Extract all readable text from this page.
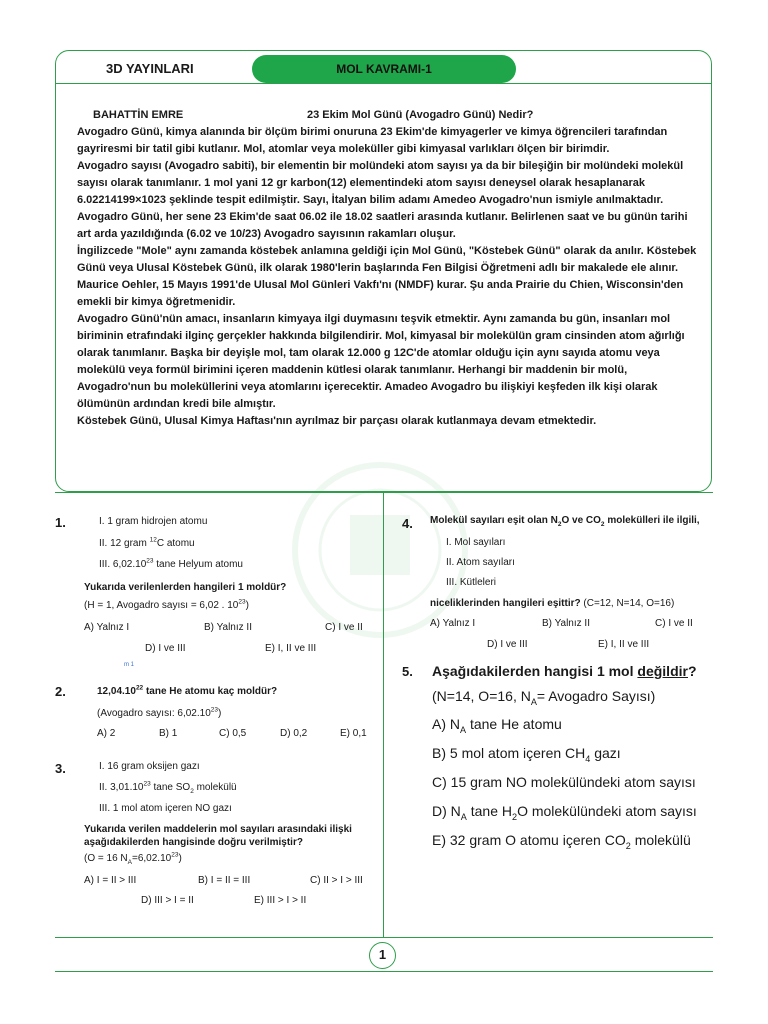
3D YAYINLARI	MOL KAVRAMI-1
BAHATTİN EMRE	23 Ekim Mol Günü (Avogadro Günü) Nedir?

Avogadro Günü, kimya alanında bir ölçüm birimi onuruna 23 Ekim'de kimyagerler ve kimya öğrencileri tarafından gayriresmi bir tatil gibi kutlanır. Mol, atomlar veya moleküller gibi kimyasal varlıkları ölçen bir birimdir.

Avogadro sayısı (Avogadro sabiti), bir elementin bir molündeki atom sayısı ya da bir bileşiğin bir molündeki molekül sayısı olarak tanımlanır. 1 mol yani 12 gr karbon(12) elementindeki atom sayısı deneysel olarak hesaplanarak 6.02214199×1023 şeklinde tespit edilmiştir. Sayı, İtalyan bilim adamı Amedeo Avogadro'nun ismiyle anılmaktadır.

Avogadro Günü, her sene 23 Ekim'de saat 06.02 ile 18.02 saatleri arasında kutlanır. Belirlenen saat ve bu günün tarihi art arda yazıldığında (6.02 ve 10/23) Avogadro sayısının rakamları oluşur.

İngilizcede "Mole" aynı zamanda köstebek anlamına geldiği için Mol Günü, "Köstebek Günü" olarak da anılır. Köstebek Günü veya Ulusal Köstebek Günü, ilk olarak 1980'lerin başlarında Fen Bilgisi Öğretmeni adlı bir makalede ele alınır. Maurice Oehler, 15 Mayıs 1991'de Ulusal Mol Günleri Vakfı'nı (NMDF) kurar. Şu anda Prairie du Chien, Wisconsin'den emekli bir kimya öğretmenidir.

Avogadro Günü'nün amacı, insanların kimyaya ilgi duymasını teşvik etmektir. Aynı zamanda bu gün, insanları mol biriminin etrafındaki ilginç gerçekler hakkında bilgilendirir. Mol, kimyasal bir molekülün gram cinsinden atom ağırlığı olarak tanımlanır. Başka bir deyişle mol, tam olarak 12.000 g 12C'de atomlar olduğu için aynı sayıda atomu veya molekülü veya formül birimini içeren maddenin kütlesi olarak tanımlanır. Herhangi bir maddenin bir molü, Avogadro'nun bu moleküllerini veya atomlarını içerecektir. Amadeo Avogadro bu ilişkiyi keşfeden ilk kişi olarak ölümünün ardından kredi bile almıştır.

Köstebek Günü, Ulusal Kimya Haftası'nın ayrılmaz bir parçası olarak kutlanmaya devam etmektedir.

1
1.	I. 1 gram hidrojen atomu
II. 12 gram $^{12}$C atomu
III. 6,02.10$^{23}$ tane Helyum atomu
Yukarıda verilenlerden hangileri 1 moldür?
(H = 1, Avogadro sayısı = 6,02 . $10^{23}$)
A) Yalnız I	B) Yalnız II	C) I ve II
D) I ve III	E) I, II ve III
m 1
2.	12,04.10$^{22}$ tane He atomu kaç moldür?
(Avogadro sayısı: 6,02.10$^{23}$)
A) 2	B) 1	C) 0,5	D) 0,2	E) 0,1
3.	I. 16 gram oksijen gazı
II. 3,01.10$^{23}$ tane $SO_2$ molekülü
III. 1 mol atom içeren NO gazı
Yukarıda verilen maddelerin mol sayıları arasındaki ilişki aşağıdakilerden hangisinde doğru verilmiştir?
(O = 16 $N_A=6,02.10^{23}$)
A) I = II > III	B) I = II = III	C) II > I > III
D) III > I = II	E) III > I > II
4. Molekül sayıları eşit olan $N_2O$ ve $CO_2$ molekülleri ile ilgili,
I. Mol sayıları
II. Atom sayıları
III. Kütleleri
niceliklerinden hangileri eşittir? (C=12, N=14, O=16)
A) Yalnız I	B) Yalnız II	C) I ve II
D) I ve III	E) I, II ve III
5. Aşağıdakilerden hangisi 1 mol değildir?
(N=14, O=16, $N_A=$ Avogadro Sayısı)
A) $N_A$ tane He atomu
B) 5 mol atom içeren $CH_4$ gazı
C) 15 gram NO molekülündeki atom sayısı
D) $N_A$ tane $H_2O$ molekülündeki atom sayısı
E) 32 gram O atomu içeren $CO_2$ molekülü
